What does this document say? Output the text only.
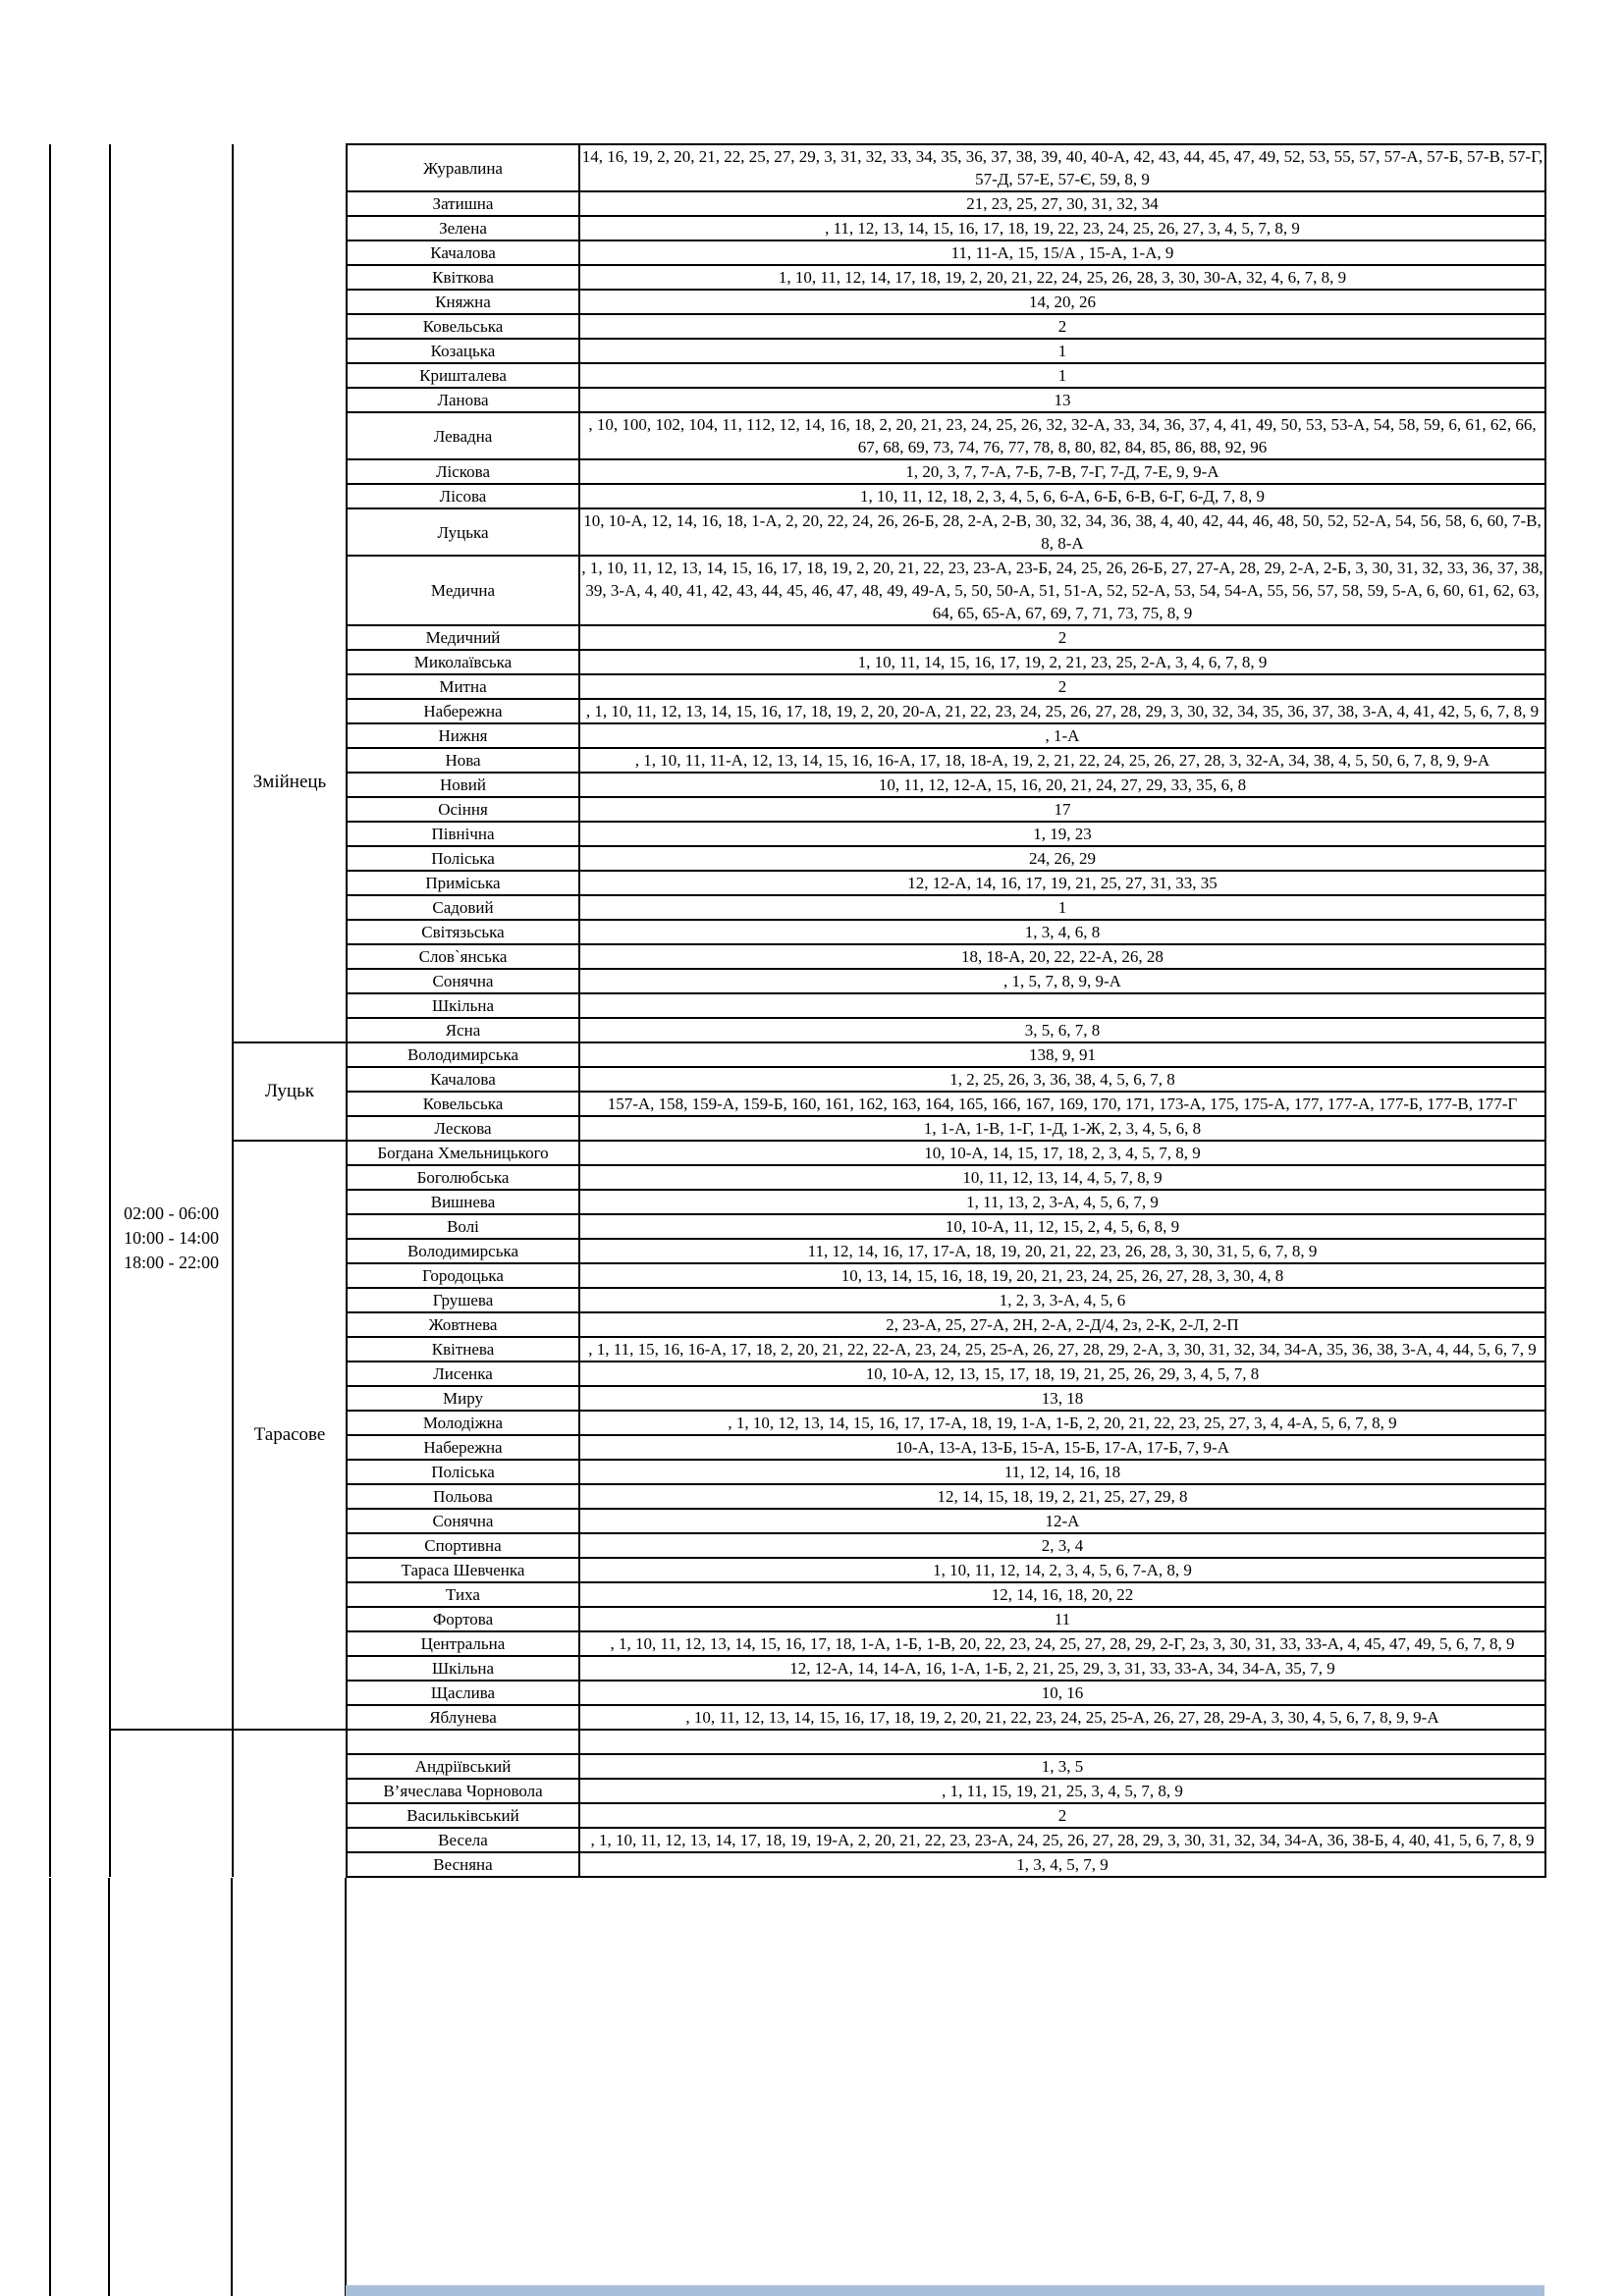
	02:00 - 06:00
10:00 - 14:00
18:00 - 22:00	Змійнець	Журавлина	14, 16, 19, 2, 20, 21, 22, 25, 27, 29, 3, 31, 32, 33, 34, 35, 36, 37, 38, 39, 40, 40-А, 42, 43, 44, 45, 47, 49, 52, 53, 55, 57, 57-А, 57-Б, 57-В, 57-Г, 57-Д, 57-Е, 57-Є, 59, 8, 9
			Затишна	21, 23, 25, 27, 30, 31, 32, 34
			Зелена	, 11, 12, 13, 14, 15, 16, 17, 18, 19, 22, 23, 24, 25, 26, 27, 3, 4, 5, 7, 8, 9
			Качалова	11, 11-А, 15, 15/А , 15-А, 1-А, 9
			Квіткова	1, 10, 11, 12, 14, 17, 18, 19, 2, 20, 21, 22, 24, 25, 26, 28, 3, 30, 30-А, 32, 4, 6, 7, 8, 9
			Княжна	14, 20, 26
			Ковельська	2
			Козацька	1
			Кришталева	1
			Ланова	13
			Левадна	, 10, 100, 102, 104, 11, 112, 12, 14, 16, 18, 2, 20, 21, 23, 24, 25, 26, 32, 32-А, 33, 34, 36, 37, 4, 41, 49, 50, 53, 53-А, 54, 58, 59, 6, 61, 62, 66, 67, 68, 69, 73, 74, 76, 77, 78, 8, 80, 82, 84, 85, 86, 88, 92, 96
			Ліскова	1, 20, 3, 7, 7-А, 7-Б, 7-В, 7-Г, 7-Д, 7-Е, 9, 9-А
			Лісова	1, 10, 11, 12, 18, 2, 3, 4, 5, 6, 6-А, 6-Б, 6-В, 6-Г, 6-Д, 7, 8, 9
			Луцька	10, 10-А, 12, 14, 16, 18, 1-А, 2, 20, 22, 24, 26, 26-Б, 28, 2-А, 2-В, 30, 32, 34, 36, 38, 4, 40, 42, 44, 46, 48, 50, 52, 52-А, 54, 56, 58, 6, 60, 7-В, 8, 8-А
			Медична	, 1, 10, 11, 12, 13, 14, 15, 16, 17, 18, 19, 2, 20, 21, 22, 23, 23-А, 23-Б, 24, 25, 26, 26-Б, 27, 27-А, 28, 29, 2-А, 2-Б, 3, 30, 31, 32, 33, 36, 37, 38, 39, 3-А, 4, 40, 41, 42, 43, 44, 45, 46, 47, 48, 49, 49-А, 5, 50, 50-А, 51, 51-А, 52, 52-А, 53, 54, 54-А, 55, 56, 57, 58, 59, 5-А, 6, 60, 61, 62, 63, 64, 65, 65-А, 67, 69, 7, 71, 73, 75, 8, 9
			Медичний	2
			Миколаївська	1, 10, 11, 14, 15, 16, 17, 19, 2, 21, 23, 25, 2-А, 3, 4, 6, 7, 8, 9
			Митна	2
			Набережна	, 1, 10, 11, 12, 13, 14, 15, 16, 17, 18, 19, 2, 20, 20-А, 21, 22, 23, 24, 25, 26, 27, 28, 29, 3, 30, 32, 34, 35, 36, 37, 38, 3-А, 4, 41, 42, 5, 6, 7, 8, 9
			Нижня	, 1-А
			Нова	, 1, 10, 11, 11-А, 12, 13, 14, 15, 16, 16-А, 17, 18, 18-А, 19, 2, 21, 22, 24, 25, 26, 27, 28, 3, 32-А, 34, 38, 4, 5, 50, 6, 7, 8, 9, 9-А
			Новий	10, 11, 12, 12-А, 15, 16, 20, 21, 24, 27, 29, 33, 35, 6, 8
			Осіння	17
			Північна	1, 19, 23
			Поліська	24, 26, 29
			Приміська	12, 12-А, 14, 16, 17, 19, 21, 25, 27, 31, 33, 35
			Садовий	1
			Світязьська	1, 3, 4, 6, 8
			Слов`янська	18, 18-А, 20, 22, 22-А, 26, 28
			Сонячна	, 1, 5, 7, 8, 9, 9-А
			Шкільна	
			Ясна	3, 5, 6, 7, 8

		Луцьк	Володимирська	138, 9, 91
			Качалова	1, 2, 25, 26, 3, 36, 38, 4, 5, 6, 7, 8
			Ковельська	157-А, 158, 159-А, 159-Б, 160, 161, 162, 163, 164, 165, 166, 167, 169, 170, 171, 173-А, 175, 175-А, 177, 177-А, 177-Б, 177-В, 177-Г
			Лескова	1, 1-А, 1-В, 1-Г, 1-Д, 1-Ж, 2, 3, 4, 5, 6, 8

		Тарасове	Богдана Хмельницького	10, 10-А, 14, 15, 17, 18, 2, 3, 4, 5, 7, 8, 9
			Боголюбська	10, 11, 12, 13, 14, 4, 5, 7, 8, 9
			Вишнева	1, 11, 13, 2, 3-А, 4, 5, 6, 7, 9
			Волі	10, 10-А, 11, 12, 15, 2, 4, 5, 6, 8, 9
			Володимирська	11, 12, 14, 16, 17, 17-А, 18, 19, 20, 21, 22, 23, 26, 28, 3, 30, 31, 5, 6, 7, 8, 9
			Городоцька	10, 13, 14, 15, 16, 18, 19, 20, 21, 23, 24, 25, 26, 27, 28, 3, 30, 4, 8
			Грушева	1, 2, 3, 3-А, 4, 5, 6
			Жовтнева	2, 23-А, 25, 27-А, 2Н, 2-А, 2-Д/4, 2з, 2-К, 2-Л, 2-П
			Квітнева	, 1, 11, 15, 16, 16-А, 17, 18, 2, 20, 21, 22, 22-А, 23, 24, 25, 25-А, 26, 27, 28, 29, 2-А, 3, 30, 31, 32, 34, 34-А, 35, 36, 38, 3-А, 4, 44, 5, 6, 7, 9
			Лисенка	10, 10-А, 12, 13, 15, 17, 18, 19, 21, 25, 26, 29, 3, 4, 5, 7, 8
			Миру	13, 18
			Молодіжна	, 1, 10, 12, 13, 14, 15, 16, 17, 17-А, 18, 19, 1-А, 1-Б, 2, 20, 21, 22, 23, 25, 27, 3, 4, 4-А, 5, 6, 7, 8, 9
			Набережна	10-А, 13-А, 13-Б, 15-А, 15-Б, 17-А, 17-Б, 7, 9-А
			Поліська	11, 12, 14, 16, 18
			Польова	12, 14, 15, 18, 19, 2, 21, 25, 27, 29, 8
			Сонячна	12-А
			Спортивна	2, 3, 4
			Тараса Шевченка	1, 10, 11, 12, 14, 2, 3, 4, 5, 6, 7-А, 8, 9
			Тиха	12, 14, 16, 18, 20, 22
			Фортова	11
			Центральна	, 1, 10, 11, 12, 13, 14, 15, 16, 17, 18, 1-А, 1-Б, 1-В, 20, 22, 23, 24, 25, 27, 28, 29, 2-Г, 2з, 3, 30, 31, 33, 33-А, 4, 45, 47, 49, 5, 6, 7, 8, 9
			Шкільна	12, 12-А, 14, 14-А, 16, 1-А, 1-Б, 2, 21, 25, 29, 3, 31, 33, 33-А, 34, 34-А, 35, 7, 9
			Щаслива	10, 16
			Яблунева	, 10, 11, 12, 13, 14, 15, 16, 17, 18, 19, 2, 20, 21, 22, 23, 24, 25, 25-А, 26, 27, 28, 29-А, 3, 30, 4, 5, 6, 7, 8, 9, 9-А

			Андріївський	1, 3, 5
			В’ячеслава Чорновола	, 1, 11, 15, 19, 21, 25, 3, 4, 5, 7, 8, 9
			Васильківський	2
			Весела	, 1, 10, 11, 12, 13, 14, 17, 18, 19, 19-А, 2, 20, 21, 22, 23, 23-А, 24, 25, 26, 27, 28, 29, 3, 30, 31, 32, 34, 34-А, 36, 38-Б, 4, 40, 41, 5, 6, 7, 8, 9
			Весняна	1, 3, 4, 5, 7, 9
